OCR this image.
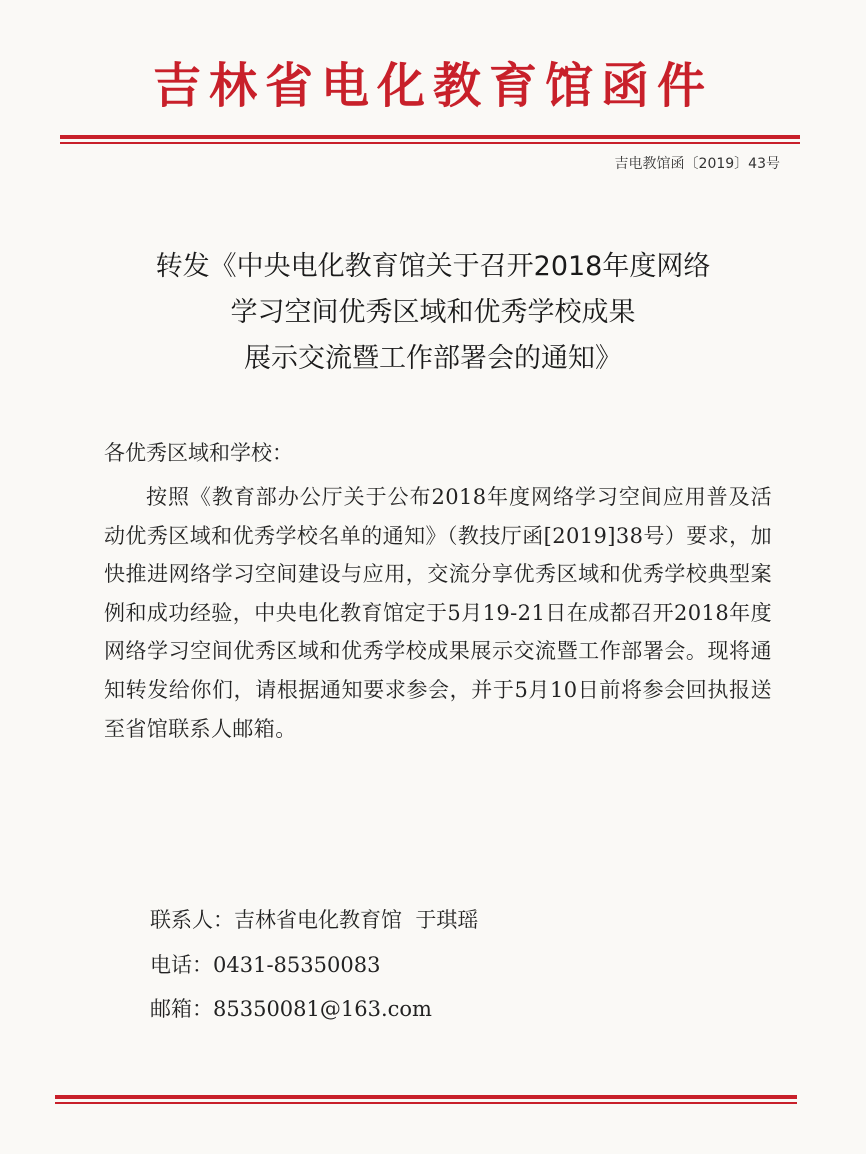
吉林省电化教育馆函件
吉电教馆函〔2019〕43号
转发《中央电化教育馆关于召开2018年度网络
学习空间优秀区域和优秀学校成果
展示交流暨工作部署会的通知》
各优秀区域和学校：
按照《教育部办公厅关于公布2018年度网络学习空间应用普及活动优秀区域和优秀学校名单的通知》（教技厅函[2019]38号）要求，加快推进网络学习空间建设与应用，交流分享优秀区域和优秀学校典型案例和成功经验，中央电化教育馆定于5月19-21日在成都召开2018年度网络学习空间优秀区域和优秀学校成果展示交流暨工作部署会。现将通知转发给你们，请根据通知要求参会，并于5月10日前将参会回执报送至省馆联系人邮箱。
联系人：吉林省电化教育馆  于琪瑶
电话：0431-85350083
邮箱：85350081@163.com
